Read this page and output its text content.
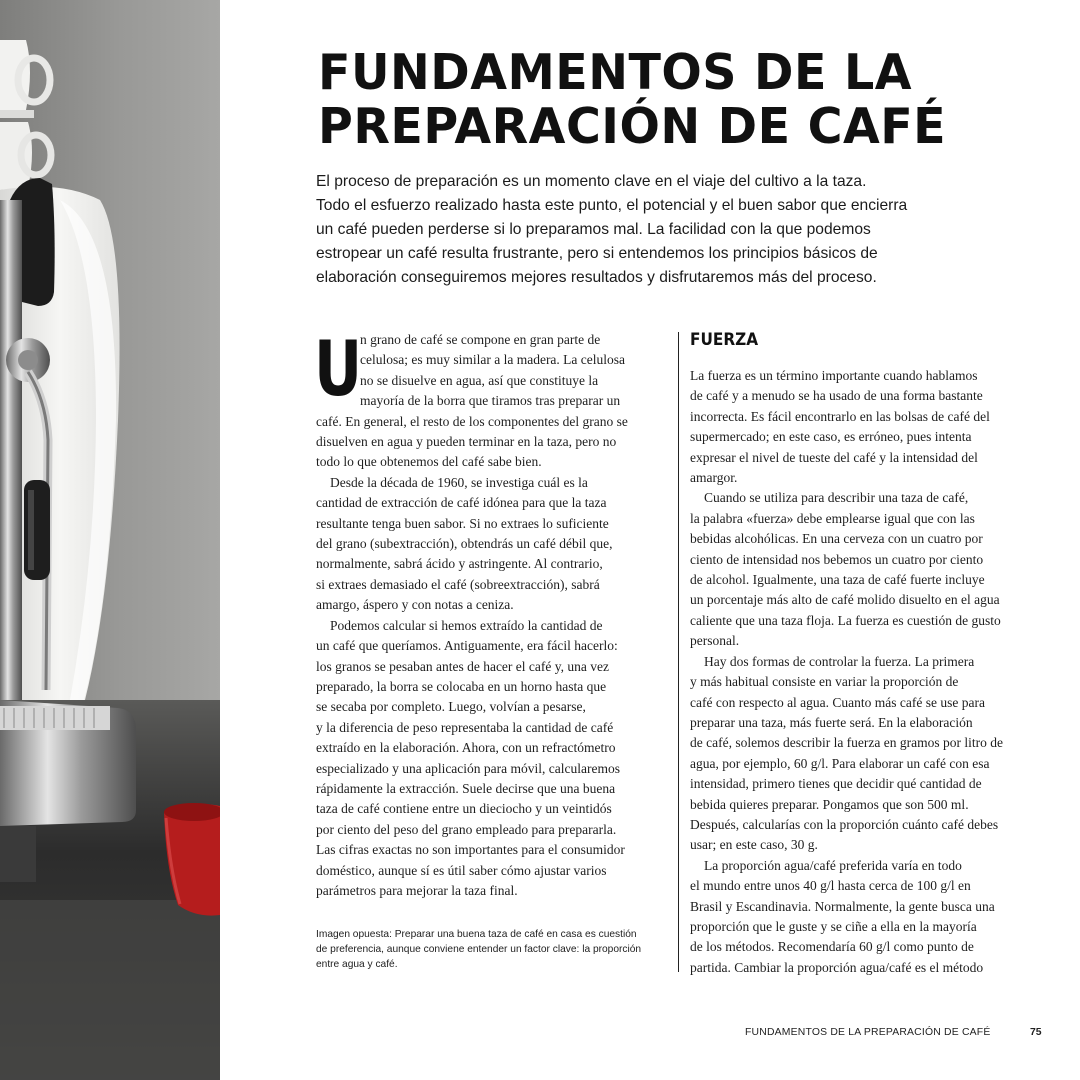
FUNDAMENTOS DE LA
PREPARACIÓN DE CAFÉ

El proceso de preparación es un momento clave en el viaje del cultivo a la taza.
Todo el esfuerzo realizado hasta este punto, el potencial y el buen sabor que encierra
un café pueden perderse si lo preparamos mal. La facilidad con la que podemos
estropear un café resulta frustrante, pero si entendemos los principios básicos de
elaboración conseguiremos mejores resultados y disfrutaremos más del proceso.

U
n grano de café se compone en gran parte de
celulosa; es muy similar a la madera. La celulosa
no se disuelve en agua, así que constituye la
mayoría de la borra que tiramos tras preparar un
café. En general, el resto de los componentes del grano se
disuelven en agua y pueden terminar en la taza, pero no
todo lo que obtenemos del café sabe bien.
Desde la década de 1960, se investiga cuál es la
cantidad de extracción de café idónea para que la taza
resultante tenga buen sabor. Si no extraes lo suficiente
del grano (subextracción), obtendrás un café débil que,
normalmente, sabrá ácido y astringente. Al contrario,
si extraes demasiado el café (sobreextracción), sabrá
amargo, áspero y con notas a ceniza.
Podemos calcular si hemos extraído la cantidad de
un café que queríamos. Antiguamente, era fácil hacerlo:
los granos se pesaban antes de hacer el café y, una vez
preparado, la borra se colocaba en un horno hasta que
se secaba por completo. Luego, volvían a pesarse,
y la diferencia de peso representaba la cantidad de café
extraído en la elaboración. Ahora, con un refractómetro
especializado y una aplicación para móvil, calcularemos
rápidamente la extracción. Suele decirse que una buena
taza de café contiene entre un dieciocho y un veintidós
por ciento del peso del grano empleado para prepararla.
Las cifras exactas no son importantes para el consumidor
doméstico, aunque sí es útil saber cómo ajustar varios
parámetros para mejorar la taza final.

Imagen opuesta: Preparar una buena taza de café en casa es cuestión
de preferencia, aunque conviene entender un factor clave: la proporción
entre agua y café.

FUERZA
La fuerza es un término importante cuando hablamos
de café y a menudo se ha usado de una forma bastante
incorrecta. Es fácil encontrarlo en las bolsas de café del
supermercado; en este caso, es erróneo, pues intenta
expresar el nivel de tueste del café y la intensidad del
amargor.
Cuando se utiliza para describir una taza de café,
la palabra «fuerza» debe emplearse igual que con las
bebidas alcohólicas. En una cerveza con un cuatro por
ciento de intensidad nos bebemos un cuatro por ciento
de alcohol. Igualmente, una taza de café fuerte incluye
un porcentaje más alto de café molido disuelto en el agua
caliente que una taza floja. La fuerza es cuestión de gusto
personal.
Hay dos formas de controlar la fuerza. La primera
y más habitual consiste en variar la proporción de
café con respecto al agua. Cuanto más café se use para
preparar una taza, más fuerte será. En la elaboración
de café, solemos describir la fuerza en gramos por litro de
agua, por ejemplo, 60 g/l. Para elaborar un café con esa
intensidad, primero tienes que decidir qué cantidad de
bebida quieres preparar. Pongamos que son 500 ml.
Después, calcularías con la proporción cuánto café debes
usar; en este caso, 30 g.
La proporción agua/café preferida varía en todo
el mundo entre unos 40 g/l hasta cerca de 100 g/l en
Brasil y Escandinavia. Normalmente, la gente busca una
proporción que le guste y se ciñe a ella en la mayoría
de los métodos. Recomendaría 60 g/l como punto de
partida. Cambiar la proporción agua/café es el método
FUNDAMENTOS DE LA PREPARACIÓN DE CAFÉ	75
